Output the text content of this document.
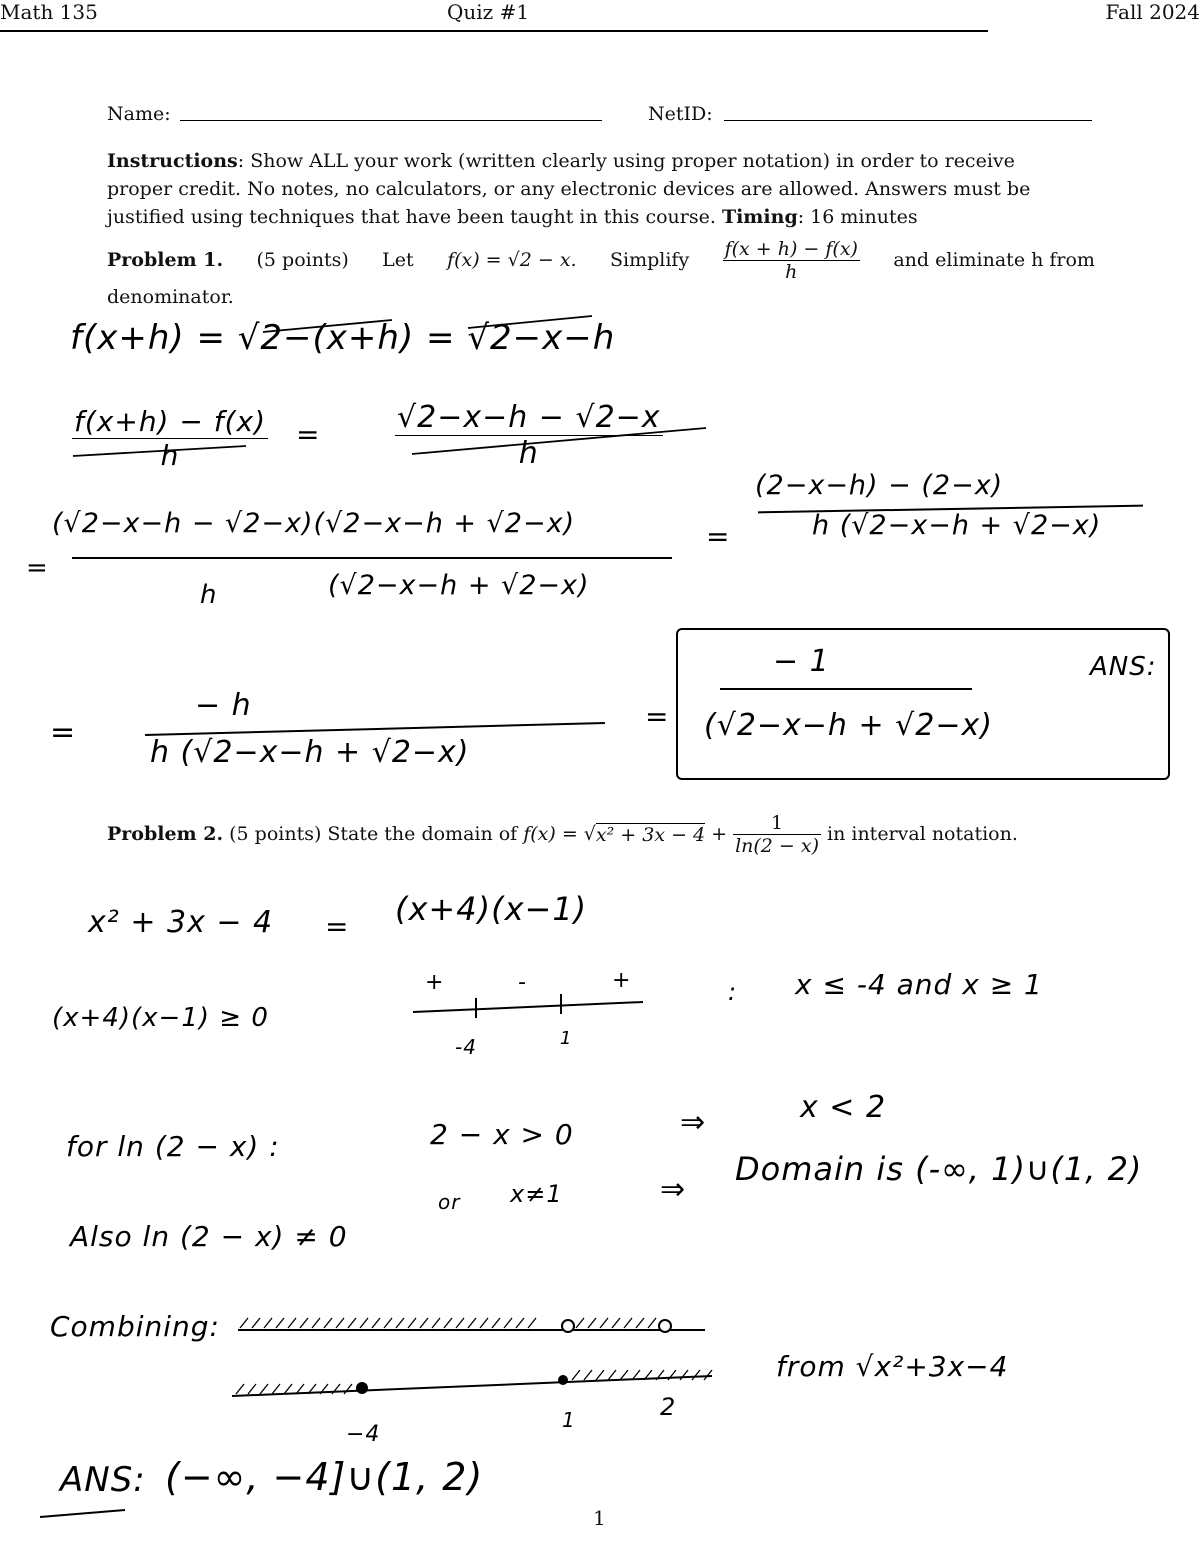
Math 135	Quiz #1	Fall 2024
Name:	NetID:
Instructions: Show ALL your work (written clearly using proper notation) in order to receive
proper credit. No notes, no calculators, or any electronic devices are allowed. Answers must be
justified using techniques that have been taught in this course. Timing: 16 minutes
Problem 1. (5 points) Let f(x) = √2 − x. Simplify $\frac{f(x + h) - f(x)}{h}$ and eliminate h from
denominator.
f(x+h) = √2−(x+h) = √2−x−h
$\frac{f(x+h) - f(x)}{h} = \frac{√2-x-h - √2-x}{h}$
=
(√2−x−h − √2−x)(√2−x−h + √2−x)
h	(√2−x−h + √2−x)
=
(2−x−h) − (2−x)
h (√2−x−h + √2−x)
=
− h
h (√2−x−h + √2−x)
=
− 1
(√2−x−h + √2−x)
ANS:
Problem 2. (5 points) State the domain of f(x) = √ $x^2 + 3x - 4 + \frac{1}{\ln(2 - x)}$ in interval notation.
x² + 3x − 4 = (x+4)(x−1)
(x+4)(x−1) ≥ 0
+	-	+
-4	1
: x ≤ -4 and x ≥ 1
for ln (2 − x) :	2 − x > 0	⇒	x < 2
Also ln (2 − x) ≠ 0
or x≠1	⇒
Domain is (-∞, 1)∪(1, 2)
Combining:
−4
1	2
from √x²+3x−4
ANS: (−∞, −4]∪(1, 2)
1
